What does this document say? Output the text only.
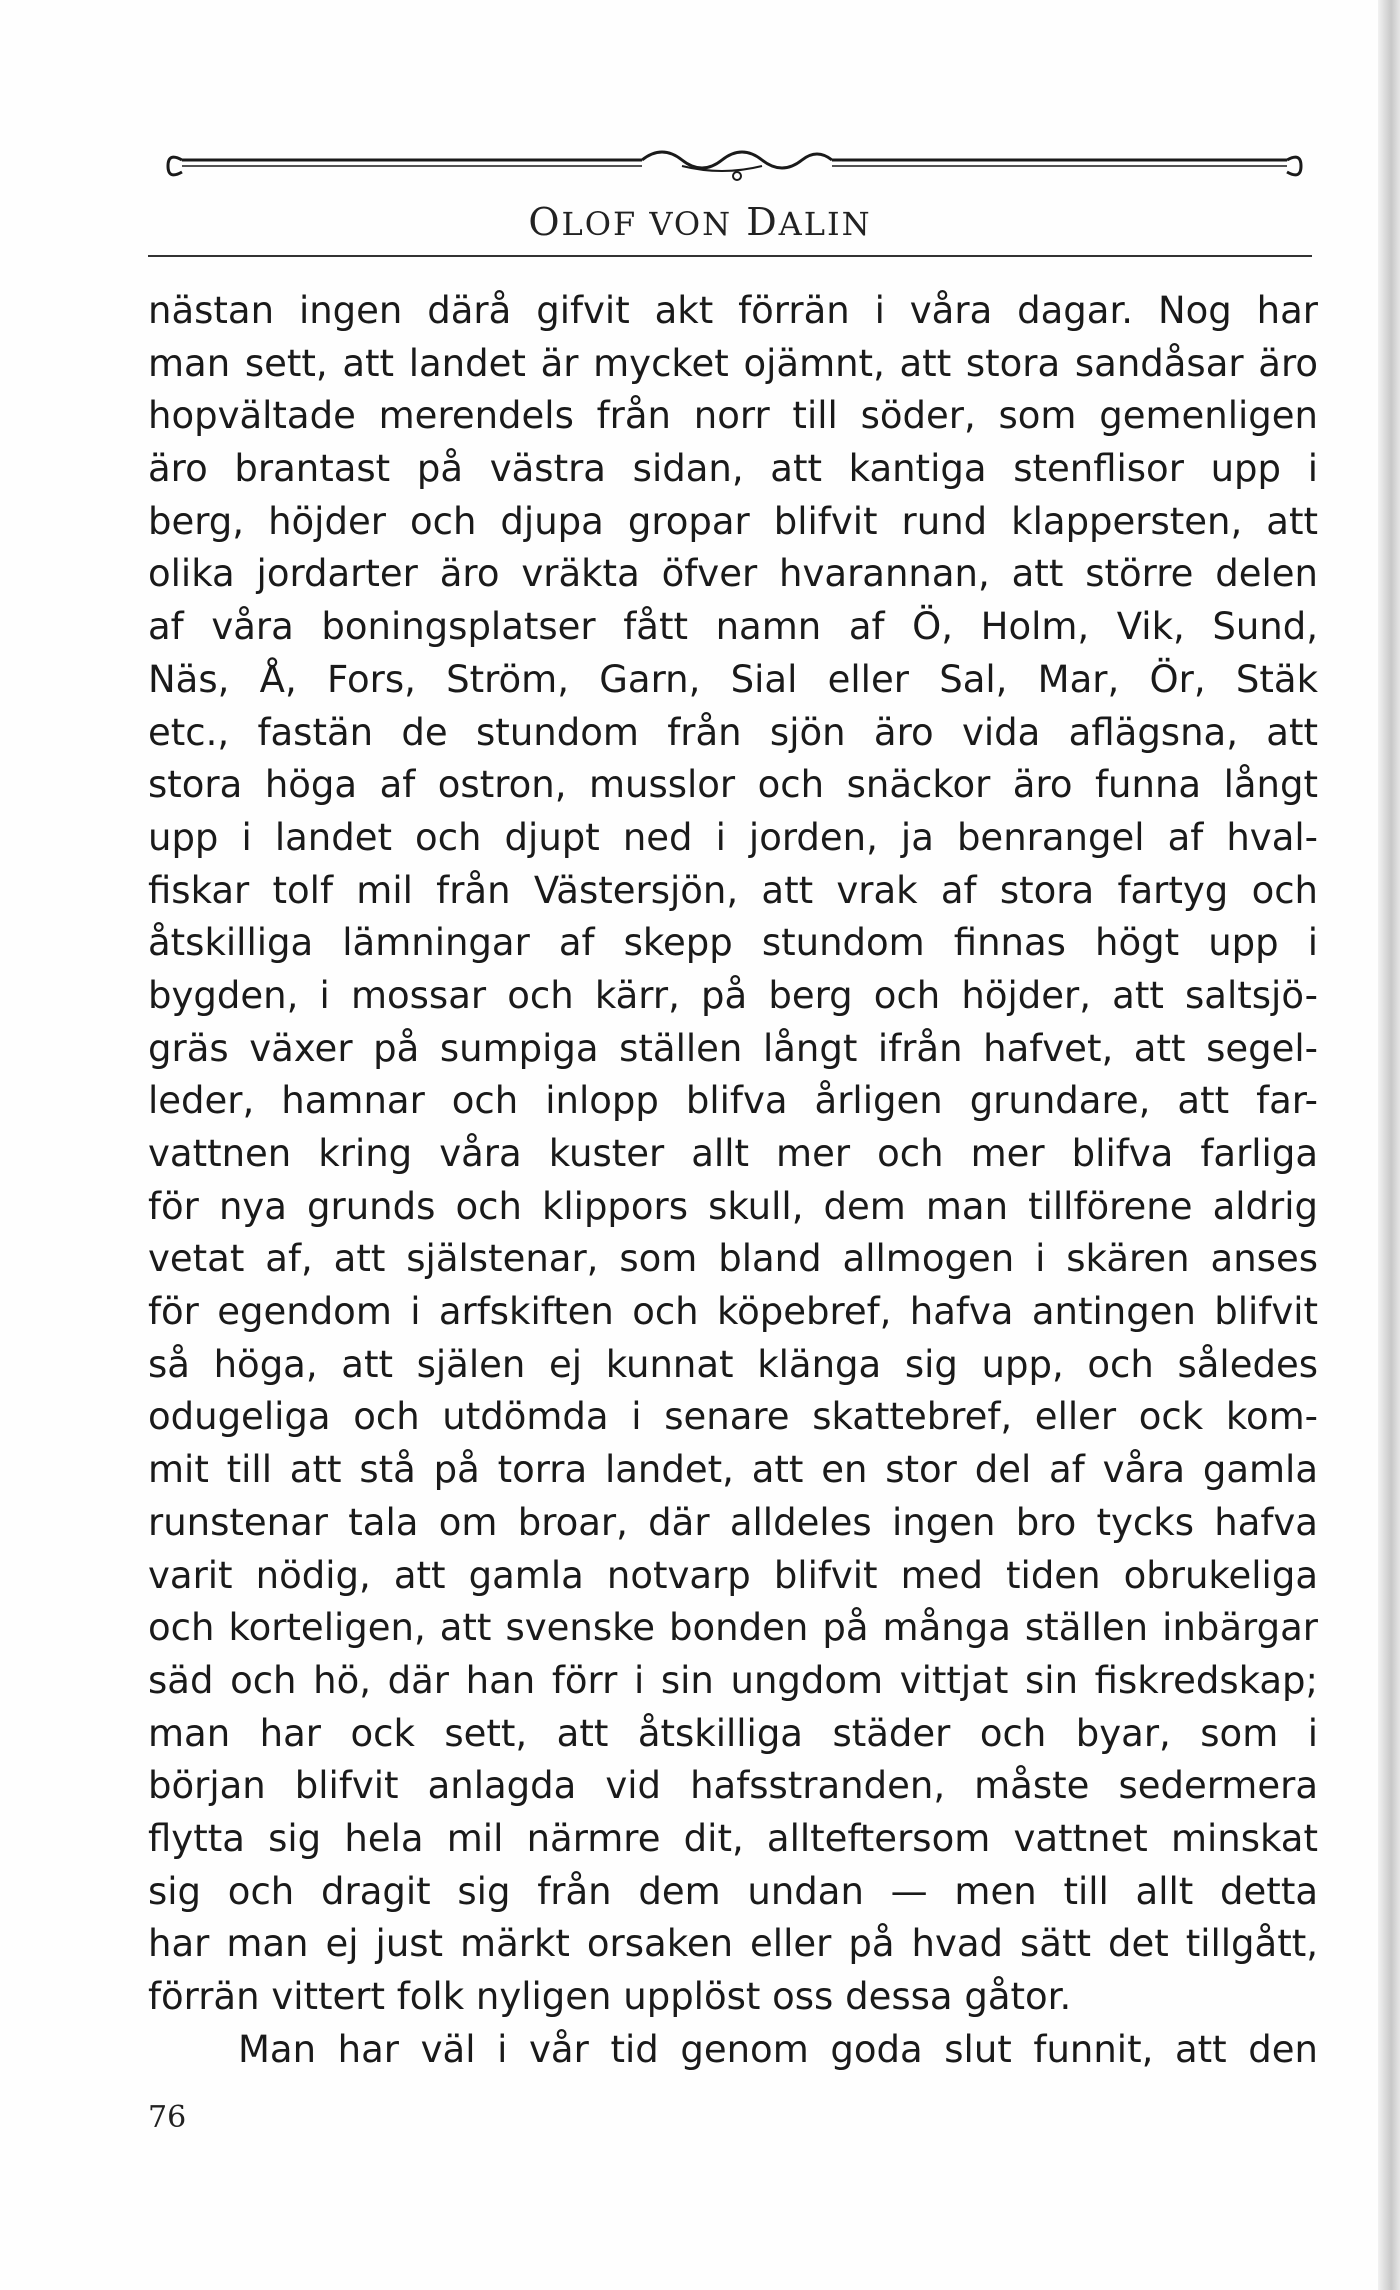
OLOF VON DALIN
nästan ingen därå gifvit akt förrän i våra dagar. Nog har
man sett, att landet är mycket ojämnt, att stora sandåsar äro
hopvältade merendels från norr till söder, som gemenligen
äro brantast på västra sidan, att kantiga stenflisor upp i
berg, höjder och djupa gropar blifvit rund klappersten, att
olika jordarter äro vräkta öfver hvarannan, att större delen
af våra boningsplatser fått namn af Ö, Holm, Vik, Sund,
Näs, Å, Fors, Ström, Garn, Sial eller Sal, Mar, Ör, Stäk
etc., fastän de stundom från sjön äro vida aflägsna, att
stora höga af ostron, musslor och snäckor äro funna långt
upp i landet och djupt ned i jorden, ja benrangel af hval-
fiskar tolf mil från Västersjön, att vrak af stora fartyg och
åtskilliga lämningar af skepp stundom finnas högt upp i
bygden, i mossar och kärr, på berg och höjder, att saltsjö-
gräs växer på sumpiga ställen långt ifrån hafvet, att segel-
leder, hamnar och inlopp blifva årligen grundare, att far-
vattnen kring våra kuster allt mer och mer blifva farliga
för nya grunds och klippors skull, dem man tillförene aldrig
vetat af, att själstenar, som bland allmogen i skären anses
för egendom i arfskiften och köpebref, hafva antingen blifvit
så höga, att själen ej kunnat klänga sig upp, och således
odugeliga och utdömda i senare skattebref, eller ock kom-
mit till att stå på torra landet, att en stor del af våra gamla
runstenar tala om broar, där alldeles ingen bro tycks hafva
varit nödig, att gamla notvarp blifvit med tiden obrukeliga
och korteligen, att svenske bonden på många ställen inbärgar
säd och hö, där han förr i sin ungdom vittjat sin fiskredskap;
man har ock sett, att åtskilliga städer och byar, som i
början blifvit anlagda vid hafsstranden, måste sedermera
flytta sig hela mil närmre dit, allteftersom vattnet minskat
sig och dragit sig från dem undan — men till allt detta
har man ej just märkt orsaken eller på hvad sätt det tillgått,
förrän vittert folk nyligen upplöst oss dessa gåtor.
Man har väl i vår tid genom goda slut funnit, att den
76
